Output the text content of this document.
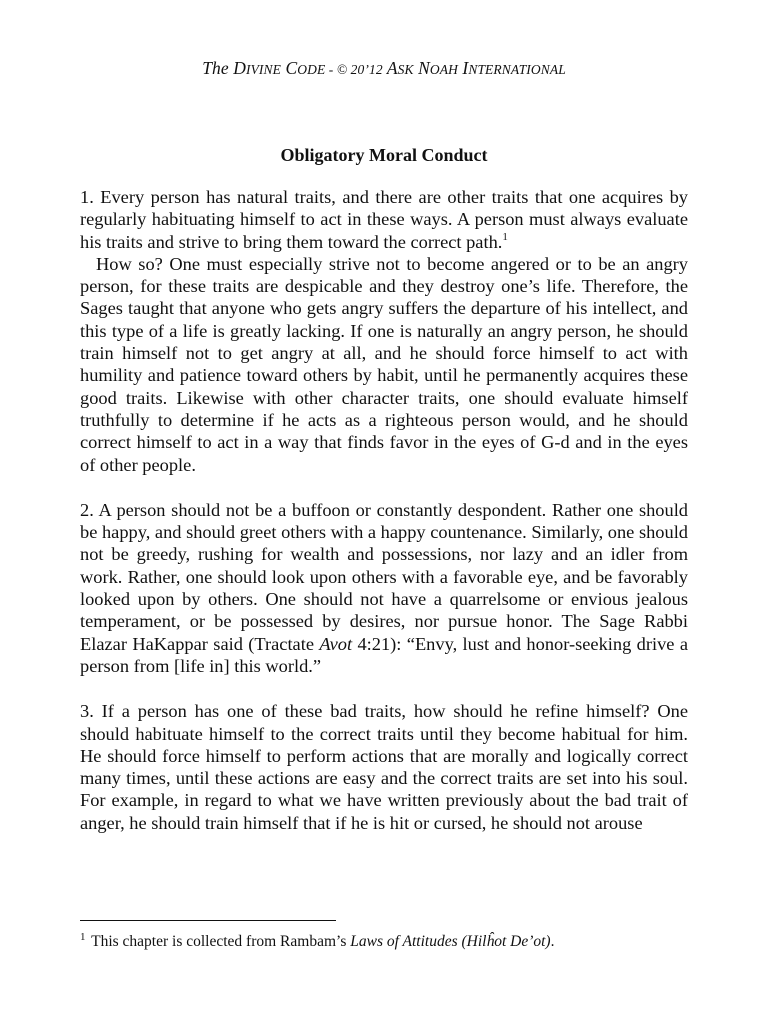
The DIVINE CODE - © 20’12 ASK NOAH INTERNATIONAL
Obligatory Moral Conduct

1. Every person has natural traits, and there are other traits that one acquires by regularly habituating himself to act in these ways. A person must always evaluate his traits and strive to bring them toward the correct path.$^1$

How so? One must especially strive not to become angered or to be an angry person, for these traits are despicable and they destroy one’s life. Therefore, the Sages taught that anyone who gets angry suffers the departure of his intellect, and this type of a life is greatly lacking. If one is naturally an angry person, he should train himself not to get angry at all, and he should force himself to act with humility and patience toward others by habit, until he permanently acquires these good traits. Likewise with other character traits, one should evaluate himself truthfully to determine if he acts as a righteous person would, and he should correct himself to act in a way that finds favor in the eyes of G-d and in the eyes of other people.

2. A person should not be a buffoon or constantly despondent. Rather one should be happy, and should greet others with a happy countenance. Similarly, one should not be greedy, rushing for wealth and possessions, nor lazy and an idler from work. Rather, one should look upon others with a favorable eye, and be favorably looked upon by others. One should not have a quarrelsome or envious jealous temperament, or be possessed by desires, nor pursue honor. The Sage Rabbi Elazar HaKappar said (Tractate Avot 4:21): “Envy, lust and honor-seeking drive a person from [life in] this world.”

3. If a person has one of these bad traits, how should he refine himself? One should habituate himself to the correct traits until they become habitual for him. He should force himself to perform actions that are morally and logically correct many times, until these actions are easy and the correct traits are set into his soul. For example, in regard to what we have written previously about the bad trait of anger, he should train himself that if he is hit or cursed, he should not arouse

$^1$ This chapter is collected from Rambam’s Laws of Attitudes (Hilĥot De’ot).
